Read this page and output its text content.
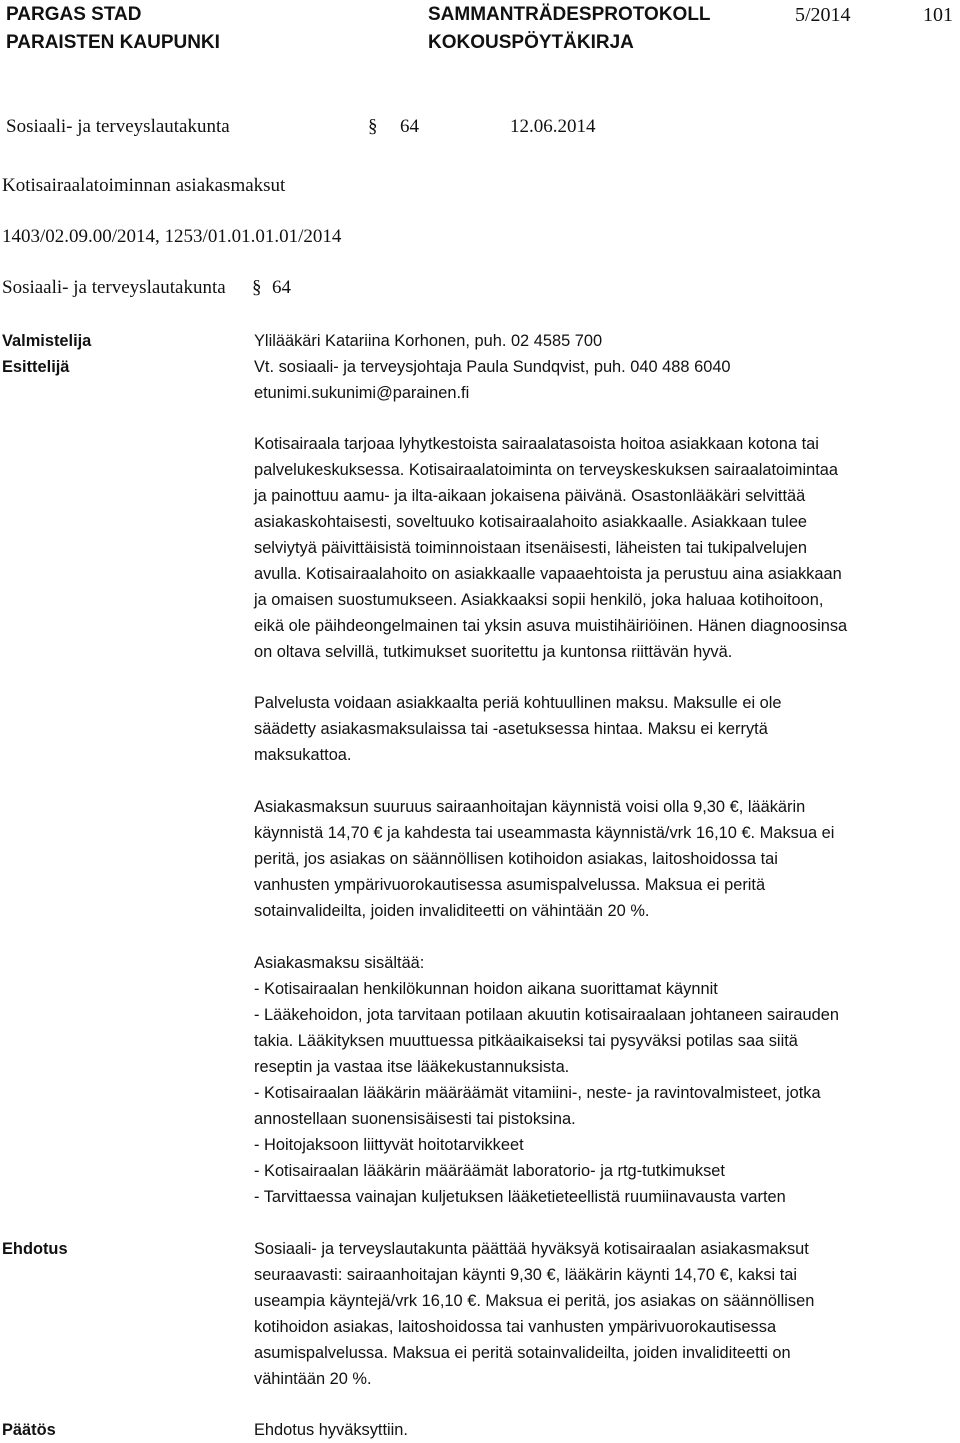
PARGAS STAD
PARAISTEN KAUPUNKI
SAMMANTRÄDESPROTOKOLL
KOKOUSPÖYTÄKIRJA
5/2014	101
Sosiaali- ja terveyslautakunta	§ 64	12.06.2014
Kotisairaalatoiminnan asiakasmaksut
1403/02.09.00/2014, 1253/01.01.01.01/2014
Sosiaali- ja terveyslautakunta § 64
Valmistelija	Ylilääkäri Katariina Korhonen, puh. 02 4585 700
Esittelijä	Vt. sosiaali- ja terveysjohtaja Paula Sundqvist, puh. 040 488 6040
etunimi.sukunimi@parainen.fi
Kotisairaala tarjoaa lyhytkestoista sairaalatasoista hoitoa asiakkaan kotona tai
palvelukeskuksessa. Kotisairaalatoiminta on terveyskeskuksen sairaalatoimintaa
ja painottuu aamu- ja ilta-aikaan jokaisena päivänä. Osastonlääkäri selvittää
asiakaskohtaisesti, soveltuuko kotisairaalahoito asiakkaalle. Asiakkaan tulee
selviytyä päivittäisistä toiminnoistaan itsenäisesti, läheisten tai tukipalvelujen
avulla. Kotisairaalahoito on asiakkaalle vapaaehtoista ja perustuu aina asiakkaan
ja omaisen suostumukseen. Asiakkaaksi sopii henkilö, joka haluaa kotihoitoon,
eikä ole päihdeongelmainen tai yksin asuva muistihäiriöinen. Hänen diagnoosinsa
on oltava selvillä, tutkimukset suoritettu ja kuntonsa riittävän hyvä.
Palvelusta voidaan asiakkaalta periä kohtuullinen maksu. Maksulle ei ole
säädetty asiakasmaksulaissa tai -asetuksessa hintaa. Maksu ei kerrytä
maksukattoa.
Asiakasmaksun suuruus sairaanhoitajan käynnistä voisi olla 9,30 €, lääkärin
käynnistä 14,70 € ja kahdesta tai useammasta käynnistä/vrk 16,10 €. Maksua ei
peritä, jos asiakas on säännöllisen kotihoidon asiakas, laitoshoidossa tai
vanhusten ympärivuorokautisessa asumispalvelussa. Maksua ei peritä
sotainvalideilta, joiden invaliditeetti on vähintään 20 %.
Asiakasmaksu sisältää:
- Kotisairaalan henkilökunnan hoidon aikana suorittamat käynnit
- Lääkehoidon, jota tarvitaan potilaan akuutin kotisairaalaan johtaneen sairauden
takia. Lääkityksen muuttuessa pitkäaikaiseksi tai pysyväksi potilas saa siitä
reseptin ja vastaa itse lääkekustannuksista.
- Kotisairaalan lääkärin määräämät vitamiini-, neste- ja ravintovalmisteet, jotka
annostellaan suonensisäisesti tai pistoksina.
- Hoitojaksoon liittyvät hoitotarvikkeet
- Kotisairaalan lääkärin määräämät laboratorio- ja rtg-tutkimukset
- Tarvittaessa vainajan kuljetuksen lääketieteellistä ruumiinavausta varten
Ehdotus	Sosiaali- ja terveyslautakunta päättää hyväksyä kotisairaalan asiakasmaksut
seuraavasti: sairaanhoitajan käynti 9,30 €, lääkärin käynti 14,70 €, kaksi tai
useampia käyntejä/vrk 16,10 €. Maksua ei peritä, jos asiakas on säännöllisen
kotihoidon asiakas, laitoshoidossa tai vanhusten ympärivuorokautisessa
asumispalvelussa. Maksua ei peritä sotainvalideilta, joiden invaliditeetti on
vähintään 20 %.
Päätös	Ehdotus hyväksyttiin.
